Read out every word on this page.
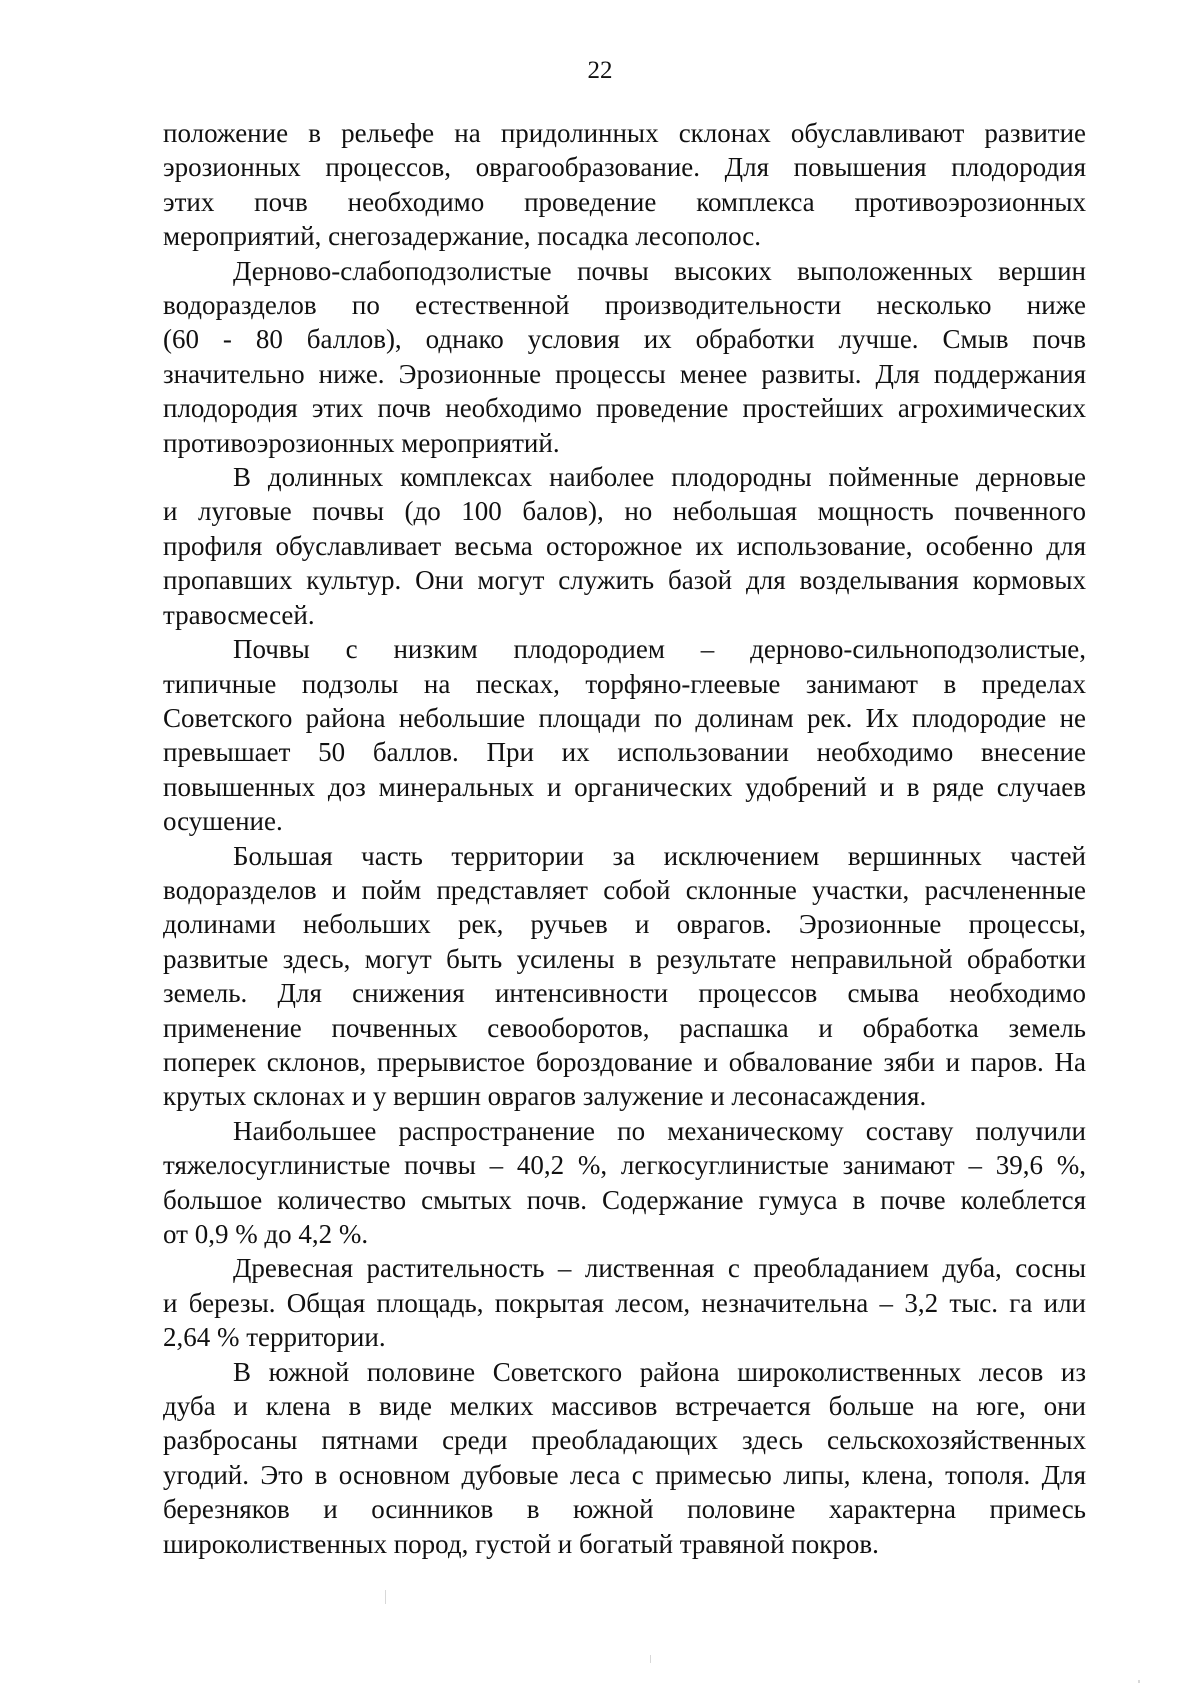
22

положение в рельефе на придолинных склонах обуславливают развитие
эрозионных процессов, оврагообразование. Для повышения плодородия
этих почв необходимо проведение комплекса противоэрозионных
мероприятий, снегозадержание, посадка лесополос.

Дерново-слабоподзолистые почвы высоких выположенных вершин
водоразделов по естественной производительности несколько ниже
(60 - 80 баллов), однако условия их обработки лучше. Смыв почв
значительно ниже. Эрозионные процессы менее развиты. Для поддержания
плодородия этих почв необходимо проведение простейших агрохимических
противоэрозионных мероприятий.

В долинных комплексах наиболее плодородны пойменные дерновые
и луговые почвы (до 100 балов), но небольшая мощность почвенного
профиля обуславливает весьма осторожное их использование, особенно для
пропавших культур. Они могут служить базой для возделывания кормовых
травосмесей.

Почвы с низким плодородием – дерново-сильноподзолистые,
типичные подзолы на песках, торфяно-глеевые занимают в пределах
Советского района небольшие площади по долинам рек. Их плодородие не
превышает 50 баллов. При их использовании необходимо внесение
повышенных доз минеральных и органических удобрений и в ряде случаев
осушение.

Большая часть территории за исключением вершинных частей
водоразделов и пойм представляет собой склонные участки, расчлененные
долинами небольших рек, ручьев и оврагов. Эрозионные процессы,
развитые здесь, могут быть усилены в результате неправильной обработки
земель. Для снижения интенсивности процессов смыва необходимо
применение почвенных севооборотов, распашка и обработка земель
поперек склонов, прерывистое бороздование и обвалование зяби и паров. На
крутых склонах и у вершин оврагов залужение и лесонасаждения.

Наибольшее распространение по механическому составу получили
тяжелосуглинистые почвы – 40,2 %, легкосуглинистые занимают – 39,6 %,
большое количество смытых почв. Содержание гумуса в почве колеблется
от 0,9 % до 4,2 %.

Древесная растительность – лиственная с преобладанием дуба, сосны
и березы. Общая площадь, покрытая лесом, незначительна – 3,2 тыс. га или
2,64 % территории.

В южной половине Советского района широколиственных лесов из
дуба и клена в виде мелких массивов встречается больше на юге, они
разбросаны пятнами среди преобладающих здесь сельскохозяйственных
угодий. Это в основном дубовые леса с примесью липы, клена, тополя. Для
березняков и осинников в южной половине характерна примесь
широколиственных пород, густой и богатый травяной покров.
